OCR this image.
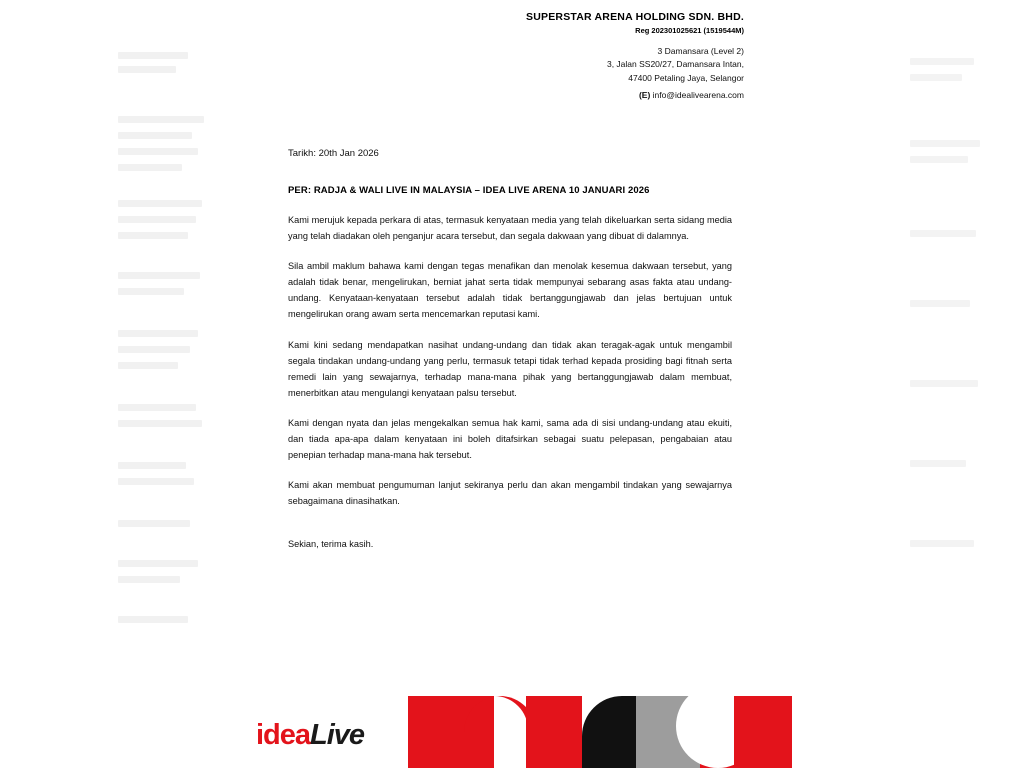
SUPERSTAR ARENA HOLDING SDN. BHD.
Reg 202301025621 (1519544M)
3 Damansara (Level 2)
3, Jalan SS20/27, Damansara Intan,
47400 Petaling Jaya, Selangor
(E) info@idealivearena.com
Tarikh: 20th Jan 2026
PER: RADJA & WALI LIVE IN MALAYSIA – IDEA LIVE ARENA 10 JANUARI 2026

Kami merujuk kepada perkara di atas, termasuk kenyataan media yang telah dikeluarkan serta sidang media yang telah diadakan oleh penganjur acara tersebut, dan segala dakwaan yang dibuat di dalamnya.

Sila ambil maklum bahawa kami dengan tegas menafikan dan menolak kesemua dakwaan tersebut, yang adalah tidak benar, mengelirukan, berniat jahat serta tidak mempunyai sebarang asas fakta atau undang-undang. Kenyataan-kenyataan tersebut adalah tidak bertanggungjawab dan jelas bertujuan untuk mengelirukan orang awam serta mencemarkan reputasi kami.

Kami kini sedang mendapatkan nasihat undang-undang dan tidak akan teragak-agak untuk mengambil segala tindakan undang-undang yang perlu, termasuk tetapi tidak terhad kepada prosiding bagi fitnah serta remedi lain yang sewajarnya, terhadap mana-mana pihak yang bertanggungjawab dalam membuat, menerbitkan atau mengulangi kenyataan palsu tersebut.

Kami dengan nyata dan jelas mengekalkan semua hak kami, sama ada di sisi undang-undang atau ekuiti, dan tiada apa-apa dalam kenyataan ini boleh ditafsirkan sebagai suatu pelepasan, pengabaian atau penepian terhadap mana-mana hak tersebut.

Kami akan membuat pengumuman lanjut sekiranya perlu dan akan mengambil tindakan yang sewajarnya sebagaimana dinasihatkan.

Sekian, terima kasih.
ideaLive
